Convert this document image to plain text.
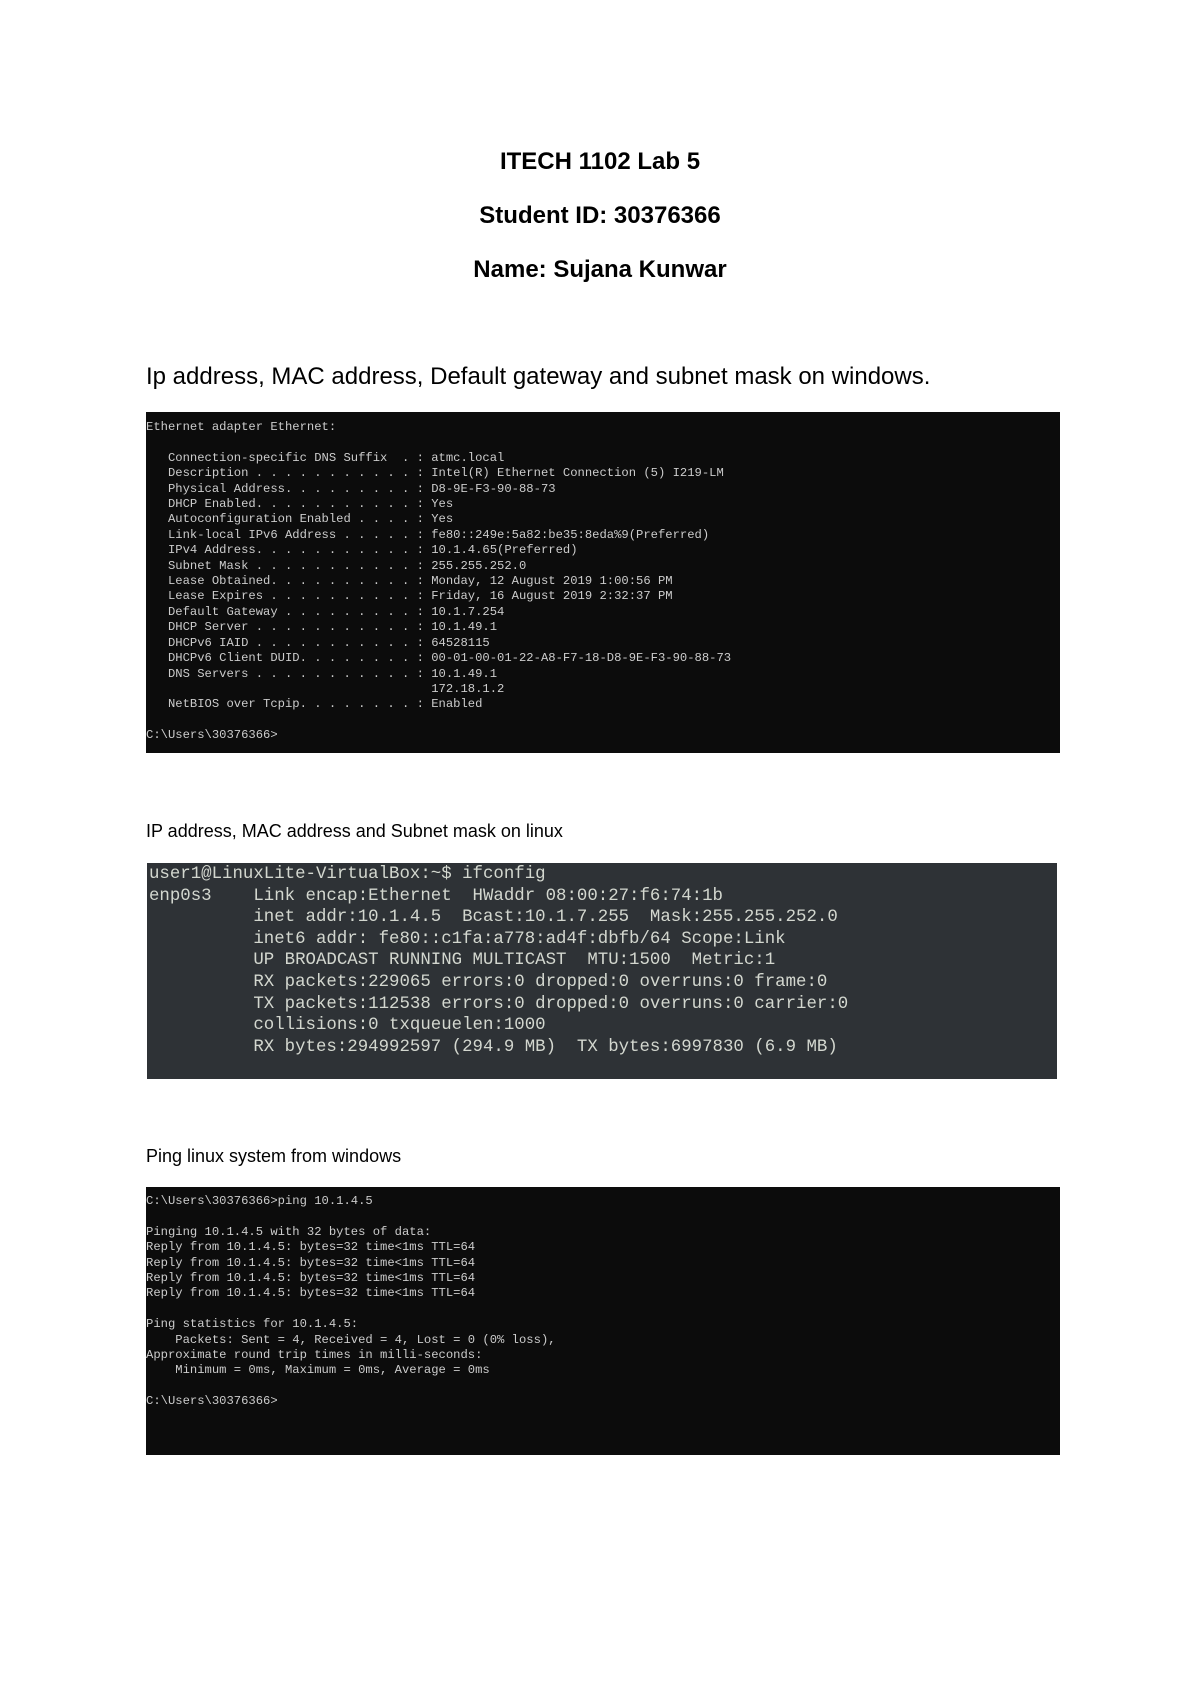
ITECH 1102 Lab 5

Student ID: 30376366

Name: Sujana Kunwar

Ip address, MAC address, Default gateway and subnet mask on windows.

Ethernet adapter Ethernet:

Connection-specific DNS Suffix  . : atmc.local
Description . . . . . . . . . . . : Intel(R) Ethernet Connection (5) I219-LM
Physical Address. . . . . . . . . : D8-9E-F3-90-88-73
DHCP Enabled. . . . . . . . . . . : Yes
Autoconfiguration Enabled . . . . : Yes
Link-local IPv6 Address . . . . . : fe80::249e:5a82:be35:8eda%9(Preferred)
IPv4 Address. . . . . . . . . . . : 10.1.4.65(Preferred)
Subnet Mask . . . . . . . . . . . : 255.255.252.0
Lease Obtained. . . . . . . . . . : Monday, 12 August 2019 1:00:56 PM
Lease Expires . . . . . . . . . . : Friday, 16 August 2019 2:32:37 PM
Default Gateway . . . . . . . . . : 10.1.7.254
DHCP Server . . . . . . . . . . . : 10.1.49.1
DHCPv6 IAID . . . . . . . . . . . : 64528115
DHCPv6 Client DUID. . . . . . . . : 00-01-00-01-22-A8-F7-18-D8-9E-F3-90-88-73
DNS Servers . . . . . . . . . . . : 10.1.49.1
172.18.1.2
NetBIOS over Tcpip. . . . . . . . : Enabled

C:\Users\30376366>

IP address, MAC address and Subnet mask on linux

user1@LinuxLite-VirtualBox:~$ ifconfig
enp0s3    Link encap:Ethernet  HWaddr 08:00:27:f6:74:1b
inet addr:10.1.4.5  Bcast:10.1.7.255  Mask:255.255.252.0
inet6 addr: fe80::c1fa:a778:ad4f:dbfb/64 Scope:Link
UP BROADCAST RUNNING MULTICAST  MTU:1500  Metric:1
RX packets:229065 errors:0 dropped:0 overruns:0 frame:0
TX packets:112538 errors:0 dropped:0 overruns:0 carrier:0
collisions:0 txqueuelen:1000
RX bytes:294992597 (294.9 MB)  TX bytes:6997830 (6.9 MB)

Ping linux system from windows

C:\Users\30376366>ping 10.1.4.5

Pinging 10.1.4.5 with 32 bytes of data:
Reply from 10.1.4.5: bytes=32 time<1ms TTL=64
Reply from 10.1.4.5: bytes=32 time<1ms TTL=64
Reply from 10.1.4.5: bytes=32 time<1ms TTL=64
Reply from 10.1.4.5: bytes=32 time<1ms TTL=64

Ping statistics for 10.1.4.5:
Packets: Sent = 4, Received = 4, Lost = 0 (0% loss),
Approximate round trip times in milli-seconds:
Minimum = 0ms, Maximum = 0ms, Average = 0ms

C:\Users\30376366>
